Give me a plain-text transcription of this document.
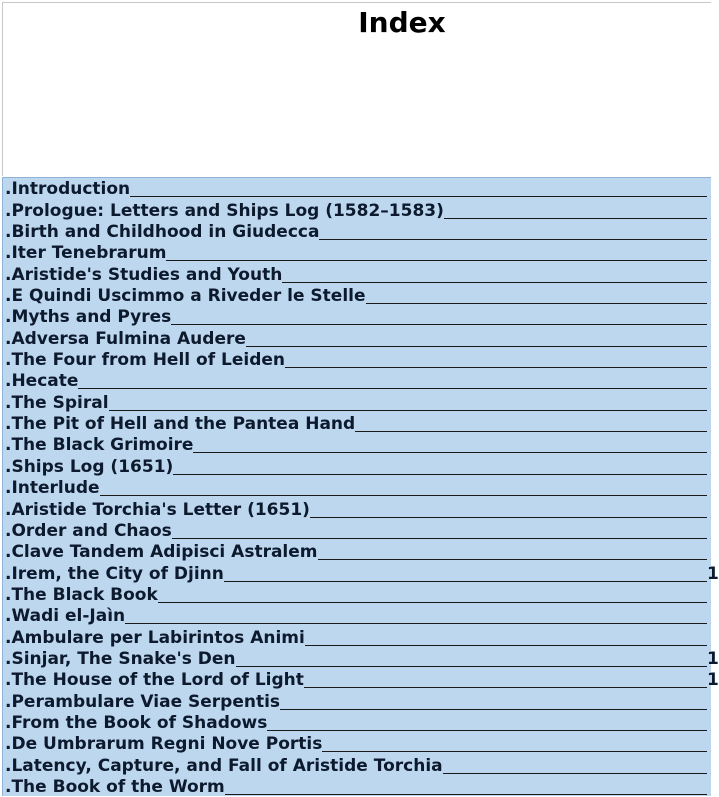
Index
.Introduction
.Prologue: Letters and Ships Log (1582–1583)
.Birth and Childhood in Giudecca
.Iter Tenebrarum
.Aristide's Studies and Youth
.E Quindi Uscimmo a Riveder le Stelle
.Myths and Pyres
.Adversa Fulmina Audere
.The Four from Hell of Leiden
.Hecate
.The Spiral
.The Pit of Hell and the Pantea Hand
.The Black Grimoire
.Ships Log (1651)
.Interlude
.Aristide Torchia's Letter (1651)
.Order and Chaos
.Clave Tandem Adipisci Astralem
.Irem, the City of Djinn	1
.The Black Book
.Wadi el-Jaìn
.Ambulare per Labirintos Animi
.Sinjar, The Snake's Den	1
.The House of the Lord of Light	1
.Perambulare Viae Serpentis
.From the Book of Shadows
.De Umbrarum Regni Nove Portis
.Latency, Capture, and Fall of Aristide Torchia
.The Book of the Worm
